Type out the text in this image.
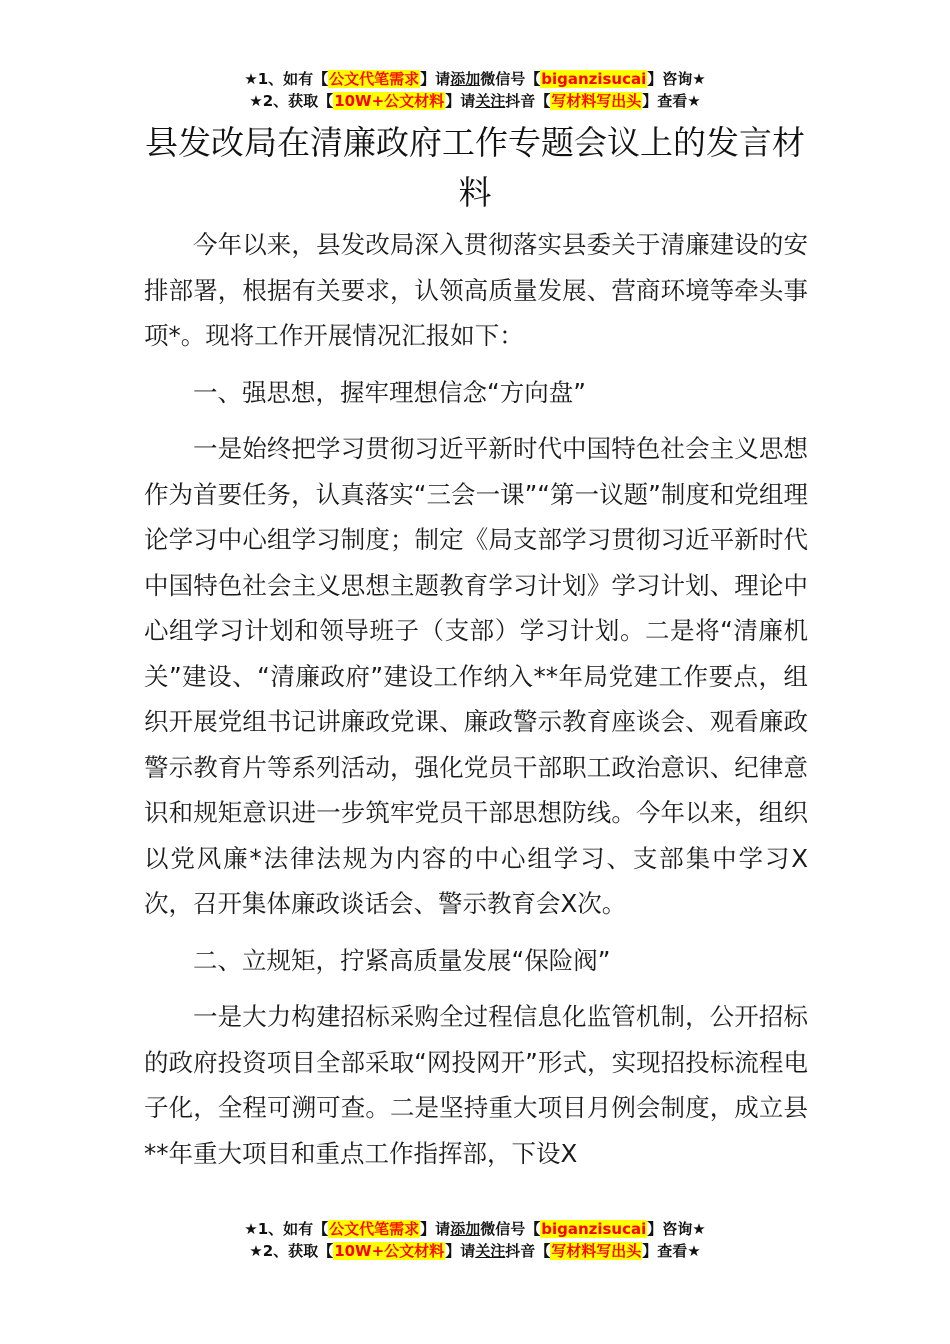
★1、如有【公文代笔需求】请添加微信号【biganzisucai】咨询★
★2、获取【10W+公文材料】请关注抖音【写材料写出头】查看★
县发改局在清廉政府工作专题会议上的发言材料

今年以来，县发改局深入贯彻落实县委关于清廉建设的安排部署，根据有关要求，认领高质量发展、营商环境等牵头事项*。现将工作开展情况汇报如下：

一、强思想，握牢理想信念“方向盘”

一是始终把学习贯彻习近平新时代中国特色社会主义思想作为首要任务，认真落实“三会一课”“第一议题”制度和党组理论学习中心组学习制度；制定《局支部学习贯彻习近平新时代中国特色社会主义思想主题教育学习计划》学习计划、理论中心组学习计划和领导班子（支部）学习计划。二是将“清廉机关”建设、“清廉政府”建设工作纳入**年局党建工作要点，组织开展党组书记讲廉政党课、廉政警示教育座谈会、观看廉政警示教育片等系列活动，强化党员干部职工政治意识、纪律意识和规矩意识进一步筑牢党员干部思想防线。今年以来，组织以党风廉*法律法规为内容的中心组学习、支部集中学习X次，召开集体廉政谈话会、警示教育会X次。

二、立规矩，拧紧高质量发展“保险阀”

一是大力构建招标采购全过程信息化监管机制，公开招标的政府投资项目全部采取“网投网开”形式，实现招投标流程电子化，全程可溯可查。二是坚持重大项目月例会制度，成立县**年重大项目和重点工作指挥部，下设X

★1、如有【公文代笔需求】请添加微信号【biganzisucai】咨询★
★2、获取【10W+公文材料】请关注抖音【写材料写出头】查看★
